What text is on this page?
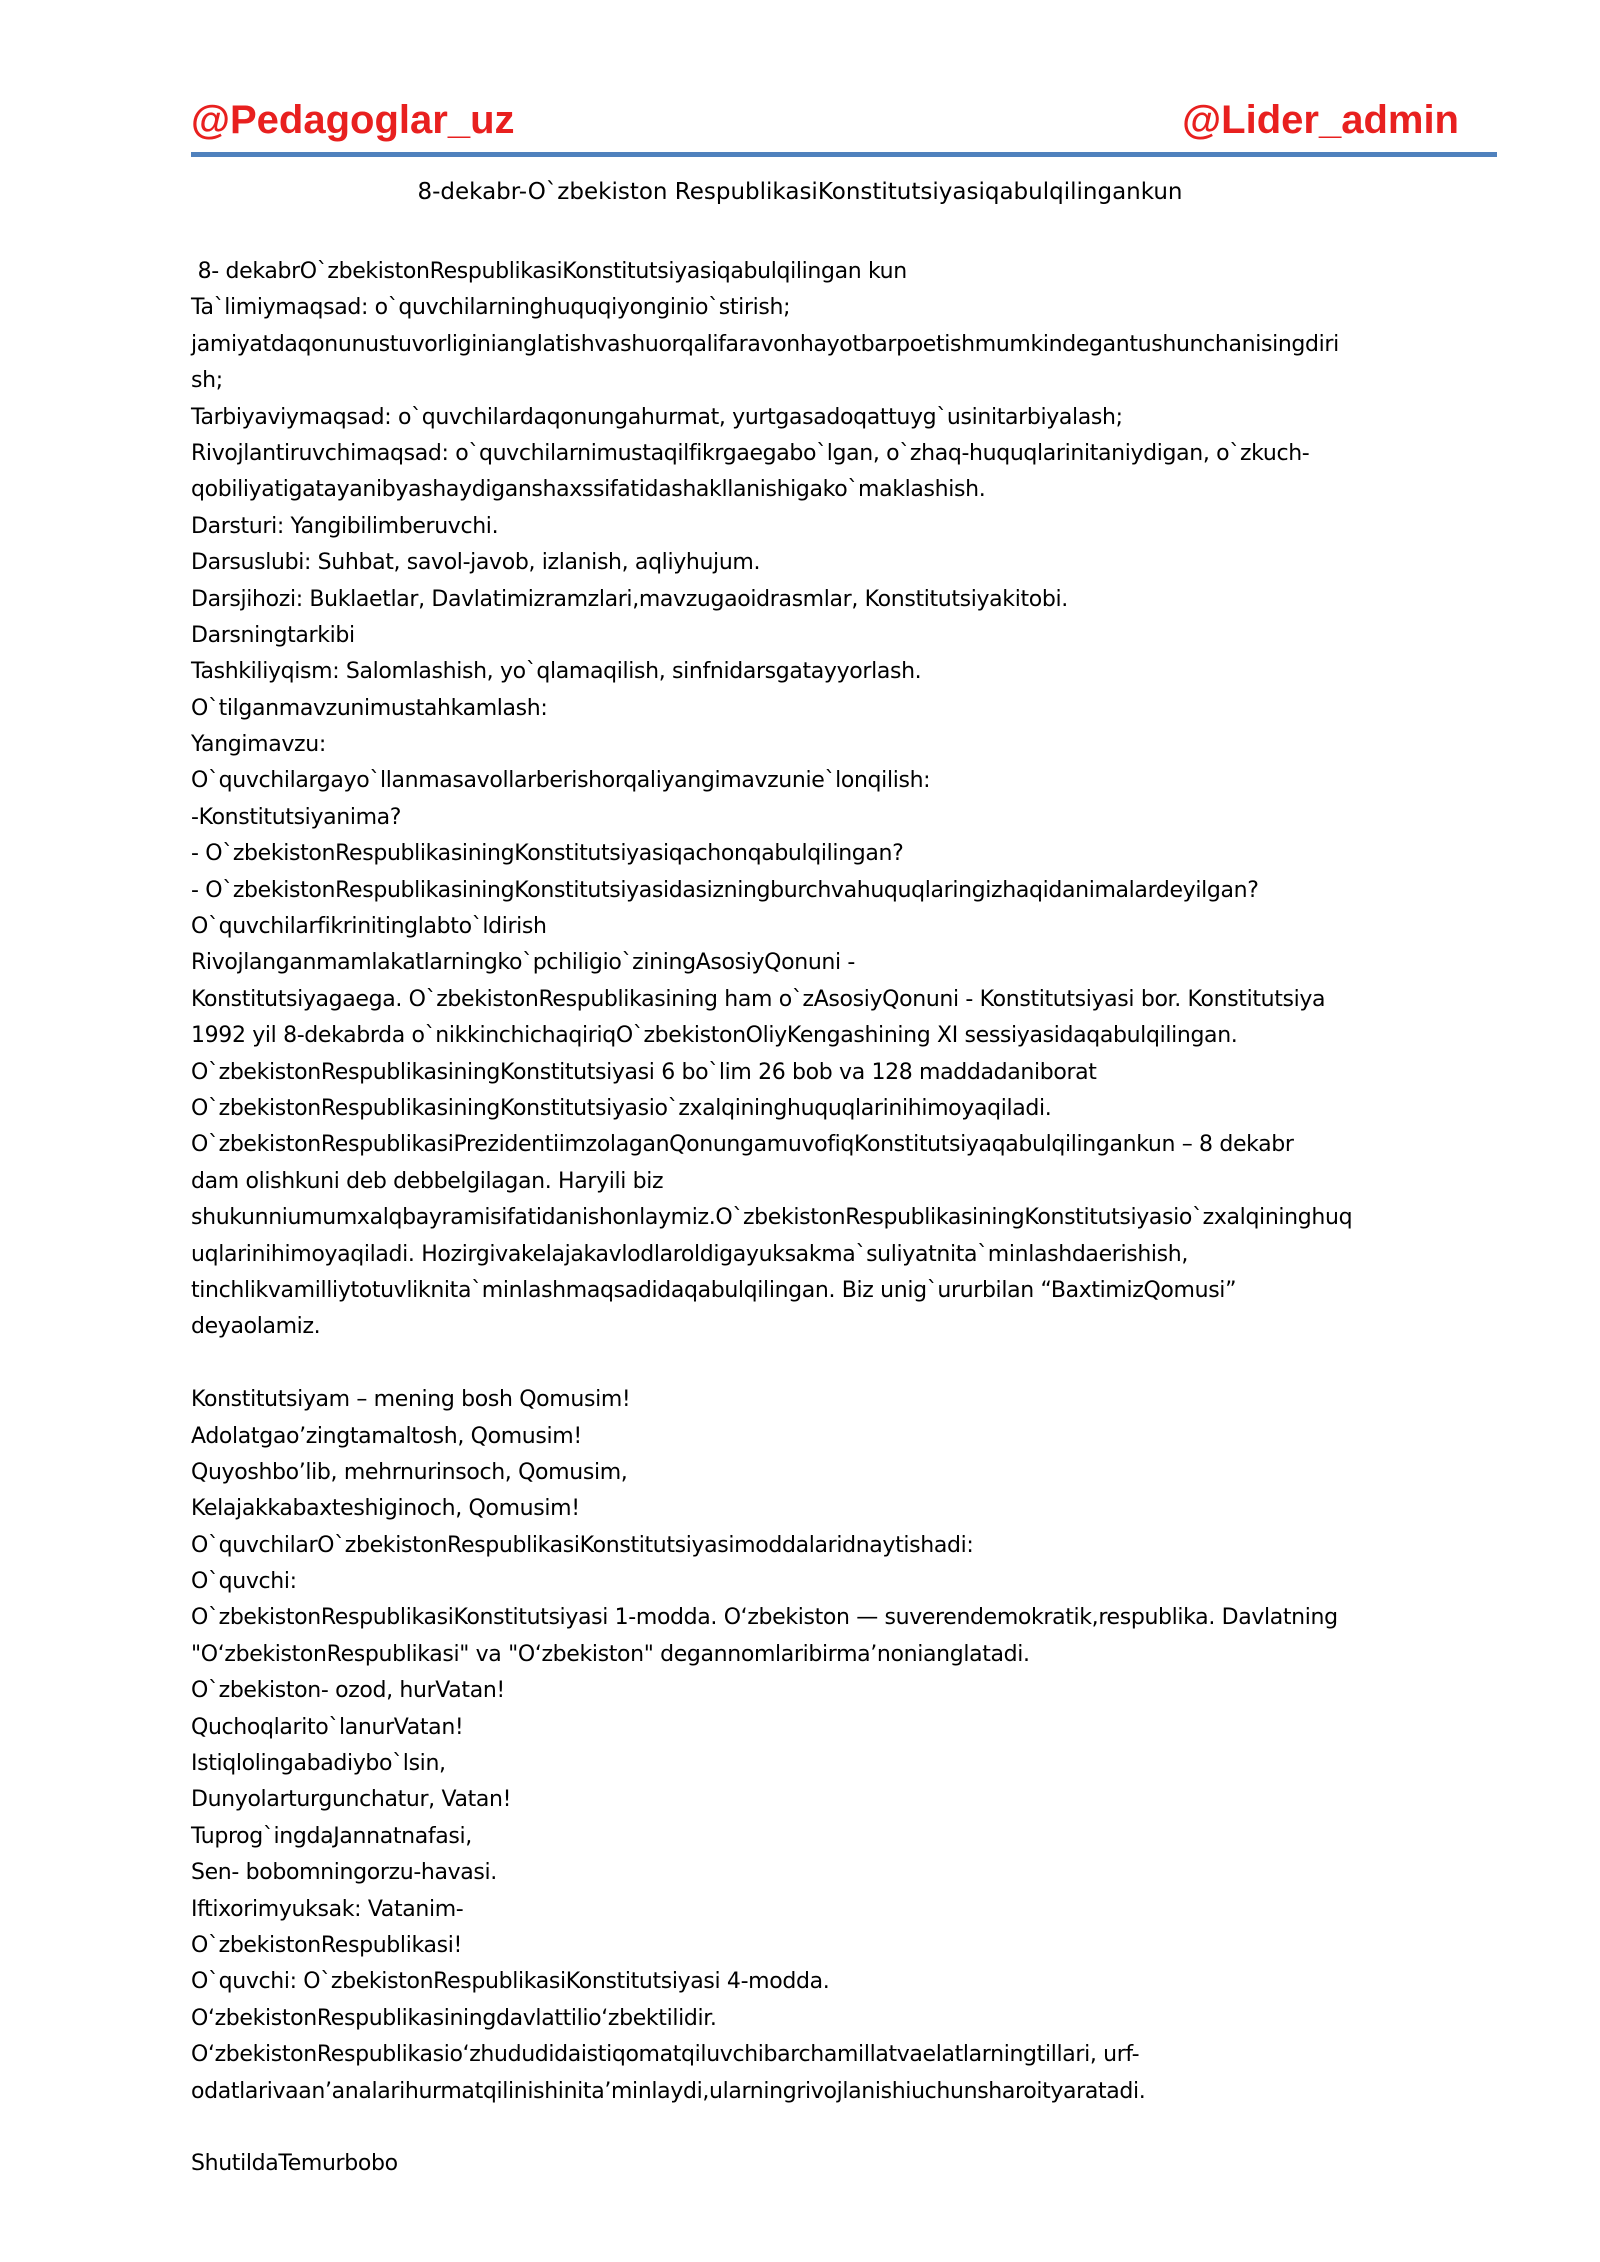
@Pedagoglar_uz	@Lider_admin
8-dekabr-O`zbekiston RespublikasiKonstitutsiyasiqabulqilingankun
8- dekabrO`zbekistonRespublikasiKonstitutsiyasiqabulqilingan kun
Ta`limiymaqsad: o`quvchilarninghuquqiyonginio`stirish;
jamiyatdaqonunustuvorliginianglatishvashuorqalifaravonhayotbarpoetishmumkindegantushunchanisingdiri
sh;
Tarbiyaviymaqsad: o`quvchilardaqonungahurmat, yurtgasadoqattuyg`usinitarbiyalash;
Rivojlantiruvchimaqsad: o`quvchilarnimustaqilfikrgaegabo`lgan, o`zhaq-huquqlarinitaniydigan, o`zkuch-
qobiliyatigatayanibyashaydiganshaxssifatidashakllanishigako`maklashish.
Darsturi: Yangibilimberuvchi.
Darsuslubi: Suhbat, savol-javob, izlanish, aqliyhujum.
Darsjihozi: Buklaetlar, Davlatimizramzlari,mavzugaoidrasmlar, Konstitutsiyakitobi.
Darsningtarkibi
Tashkiliyqism: Salomlashish, yo`qlamaqilish, sinfnidarsgatayyorlash.
O`tilganmavzunimustahkamlash:
Yangimavzu:
O`quvchilargayo`llanmasavollarberishorqaliyangimavzunie`lonqilish:
-Konstitutsiyanima?
- O`zbekistonRespublikasiningKonstitutsiyasiqachonqabulqilingan?
- O`zbekistonRespublikasiningKonstitutsiyasidasizningburchvahuquqlaringizhaqidanimalardeyilgan?
O`quvchilarfikrinitinglabto`ldirish
Rivojlanganmamlakatlarningko`pchiligio`ziningAsosiyQonuni -
Konstitutsiyagaega. O`zbekistonRespublikasining ham o`zAsosiyQonuni - Konstitutsiyasi bor. Konstitutsiya
1992 yil 8-dekabrda o`nikkinchichaqiriqO`zbekistonOliyKengashining XI sessiyasidaqabulqilingan.
O`zbekistonRespublikasiningKonstitutsiyasi 6 bo`lim 26 bob va 128 maddadaniborat
O`zbekistonRespublikasiningKonstitutsiyasio`zxalqininghuquqlarinihimoyaqiladi.
O`zbekistonRespublikasiPrezidentiimzolaganQonungamuvofiqKonstitutsiyaqabulqilingankun – 8 dekabr
dam olishkuni deb debbelgilagan. Haryili biz
shukunniumumxalqbayramisifatidanishonlaymiz.O`zbekistonRespublikasiningKonstitutsiyasio`zxalqininghuq
uqlarinihimoyaqiladi. Hozirgivakelajakavlodlaroldigayuksakma`suliyatnita`minlashdaerishish,
tinchlikvamilliytotuvliknita`minlashmaqsadidaqabulqilingan. Biz unig`ururbilan “BaxtimizQomusi”
deyaolamiz.
Konstitutsiyam – mening bosh Qomusim!
Adolatgao’zingtamaltosh, Qomusim!
Quyoshbo’lib, mehrnurinsoch, Qomusim,
Kelajakkabaxteshiginoch, Qomusim!
O`quvchilarO`zbekistonRespublikasiKonstitutsiyasimoddalaridnaytishadi:
O`quvchi:
O`zbekistonRespublikasiKonstitutsiyasi 1-modda. O‘zbekiston — suverendemokratik,respublika. Davlatning
"O‘zbekistonRespublikasi" va "O‘zbekiston" degannomlaribirma’nonianglatadi.
O`zbekiston- ozod, hurVatan!
Quchoqlarito`lanurVatan!
Istiqlolingabadiybo`lsin,
Dunyolarturgunchatur, Vatan!
Tuprog`ingdaJannatnafasi,
Sen- bobomningorzu-havasi.
Iftixorimyuksak: Vatanim-
O`zbekistonRespublikasi!
O`quvchi: O`zbekistonRespublikasiKonstitutsiyasi 4-modda.
O‘zbekistonRespublikasiningdavlattilio‘zbektilidir.
O‘zbekistonRespublikasio‘zhududidaistiqomatqiluvchibarchamillatvaelatlarningtillari, urf-
odatlarivaan’analarihurmatqilinishinita’minlaydi,ularningrivojlanishiuchunsharoityaratadi.
ShutildaTemurbobo
